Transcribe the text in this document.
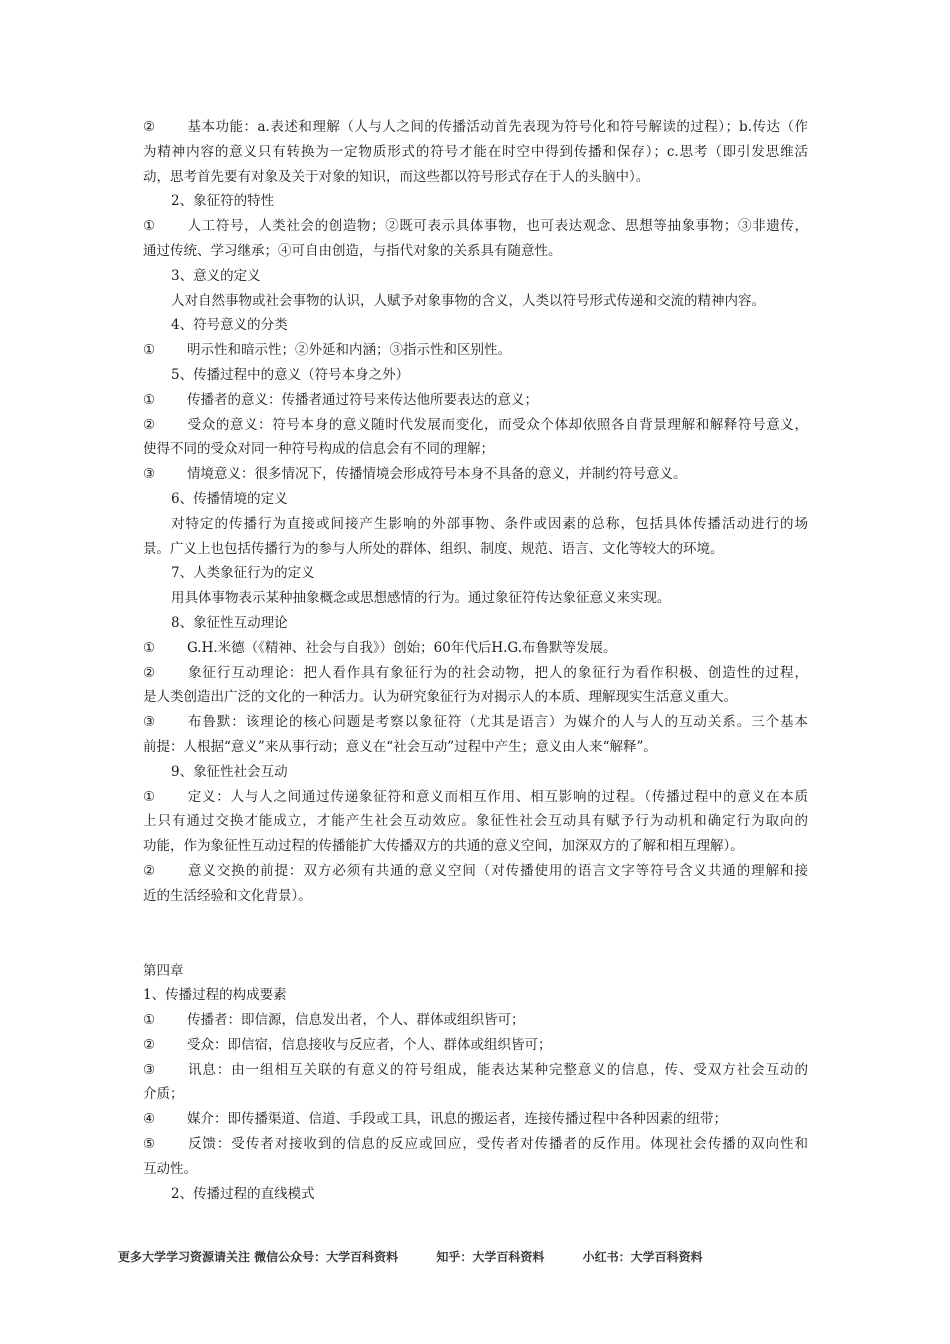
② 基本功能：a.表述和理解（人与人之间的传播活动首先表现为符号化和符号解读的过程）；b.传达（作
为精神内容的意义只有转换为一定物质形式的符号才能在时空中得到传播和保存）；c.思考（即引发思维活
动，思考首先要有对象及关于对象的知识，而这些都以符号形式存在于人的头脑中）。
2、象征符的特性
① 人工符号，人类社会的创造物；②既可表示具体事物，也可表达观念、思想等抽象事物；③非遗传，
通过传统、学习继承；④可自由创造，与指代对象的关系具有随意性。
3、意义的定义
人对自然事物或社会事物的认识，人赋予对象事物的含义，人类以符号形式传递和交流的精神内容。
4、符号意义的分类
① 明示性和暗示性；②外延和内涵；③指示性和区别性。
5、传播过程中的意义（符号本身之外）
① 传播者的意义：传播者通过符号来传达他所要表达的意义；
② 受众的意义：符号本身的意义随时代发展而变化，而受众个体却依照各自背景理解和解释符号意义，
使得不同的受众对同一种符号构成的信息会有不同的理解；
③ 情境意义：很多情况下，传播情境会形成符号本身不具备的意义，并制约符号意义。
6、传播情境的定义
对特定的传播行为直接或间接产生影响的外部事物、条件或因素的总称，包括具体传播活动进行的场
景。广义上也包括传播行为的参与人所处的群体、组织、制度、规范、语言、文化等较大的环境。
7、人类象征行为的定义
用具体事物表示某种抽象概念或思想感情的行为。通过象征符传达象征意义来实现。
8、象征性互动理论
① G.H.米德（《精神、社会与自我》）创始；60年代后H.G.布鲁默等发展。
② 象征行互动理论：把人看作具有象征行为的社会动物，把人的象征行为看作积极、创造性的过程，
是人类创造出广泛的文化的一种活力。认为研究象征行为对揭示人的本质、理解现实生活意义重大。
③ 布鲁默：该理论的核心问题是考察以象征符（尤其是语言）为媒介的人与人的互动关系。三个基本
前提：人根据“意义”来从事行动；意义在“社会互动”过程中产生；意义由人来“解释”。
9、象征性社会互动
① 定义：人与人之间通过传递象征符和意义而相互作用、相互影响的过程。（传播过程中的意义在本质
上只有通过交换才能成立，才能产生社会互动效应。象征性社会互动具有赋予行为动机和确定行为取向的
功能，作为象征性互动过程的传播能扩大传播双方的共通的意义空间，加深双方的了解和相互理解）。
② 意义交换的前提：双方必须有共通的意义空间（对传播使用的语言文字等符号含义共通的理解和接
近的生活经验和文化背景）。
第四章
1、传播过程的构成要素
① 传播者：即信源，信息发出者，个人、群体或组织皆可；
② 受众：即信宿，信息接收与反应者，个人、群体或组织皆可；
③ 讯息：由一组相互关联的有意义的符号组成，能表达某种完整意义的信息，传、受双方社会互动的
介质；
④ 媒介：即传播渠道、信道、手段或工具，讯息的搬运者，连接传播过程中各种因素的纽带；
⑤ 反馈：受传者对接收到的信息的反应或回应，受传者对传播者的反作用。体现社会传播的双向性和
互动性。
2、传播过程的直线模式
更多大学学习资源请关注 微信公众号：大学百科资料	知乎：大学百科资料	小红书：大学百科资料
